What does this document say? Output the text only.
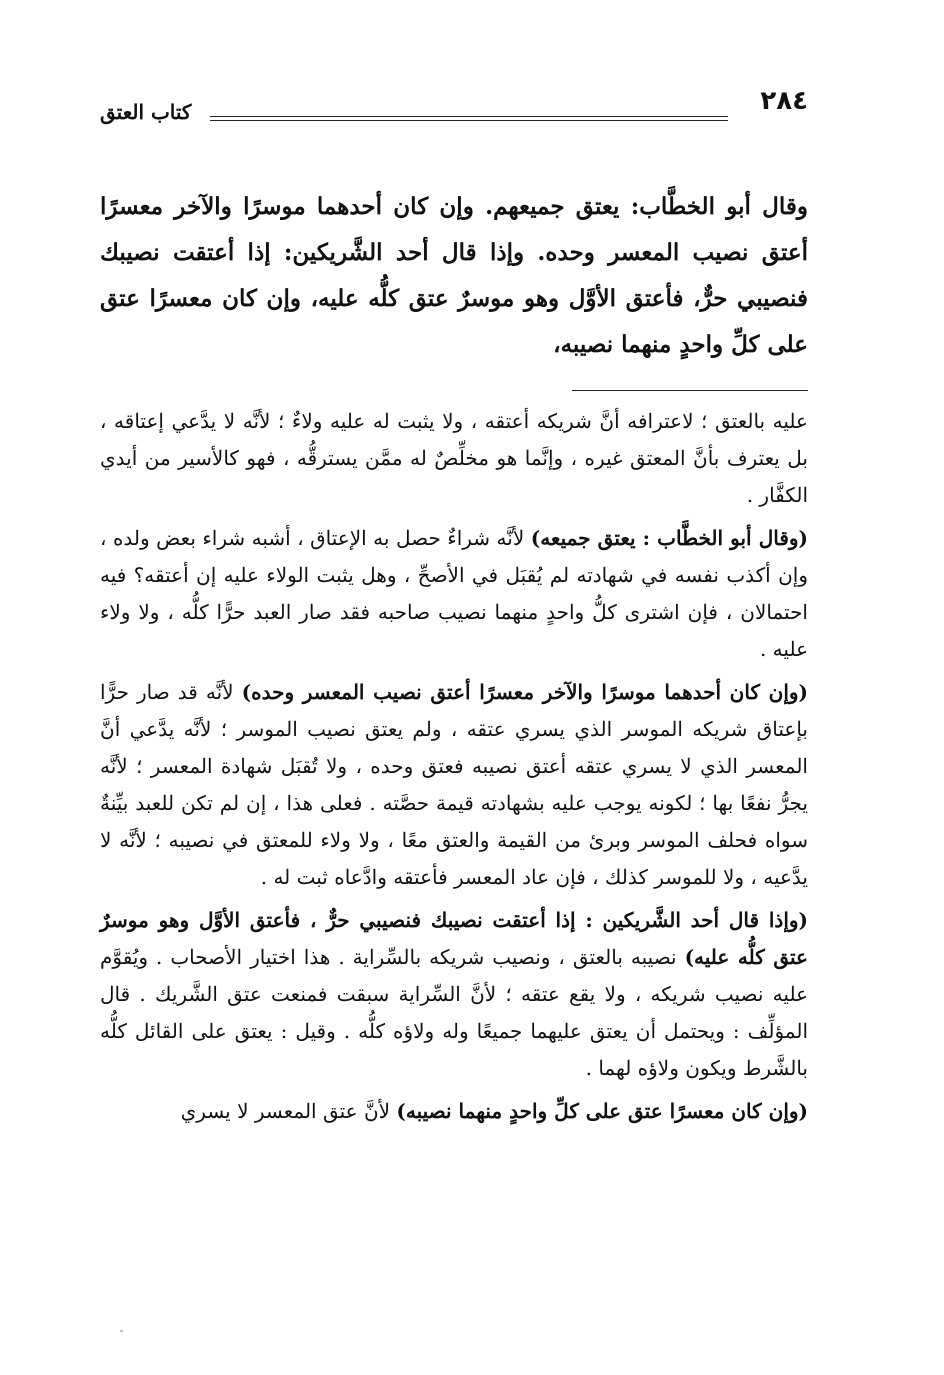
٢٨٤
كتاب العتق
وقال أبو الخطَّاب: يعتق جميعهم. وإن كان أحدهما موسرًا والآخر معسرًا أعتق نصيب المعسر وحده. وإذا قال أحد الشَّريكين: إذا أعتقت نصيبك فنصيبي حرٌّ، فأعتق الأوَّل وهو موسرٌ عتق كلُّه عليه، وإن كان معسرًا عتق على كلِّ واحدٍ منهما نصيبه،

عليه بالعتق ؛ لاعترافه أنَّ شريكه أعتقه ، ولا يثبت له عليه ولاءٌ ؛ لأنَّه لا يدَّعي إعتاقه ، بل يعترف بأنَّ المعتق غيره ، وإنَّما هو مخلِّصٌ له ممَّن يسترقُّه ، فهو كالأسير من أيدي الكفَّار .

(وقال أبو الخطَّاب : يعتق جميعه) لأنَّه شراءٌ حصل به الإعتاق ، أشبه شراء بعض ولده ، وإن أكذب نفسه في شهادته لم يُقبَل في الأصحِّ ، وهل يثبت الولاء عليه إن أعتقه؟ فيه احتمالان ، فإن اشترى كلُّ واحدٍ منهما نصيب صاحبه فقد صار العبد حرًّا كلُّه ، ولا ولاء عليه .

(وإن كان أحدهما موسرًا والآخر معسرًا أعتق نصيب المعسر وحده) لأنَّه قد صار حرًّا بإعتاق شريكه الموسر الذي يسري عتقه ، ولم يعتق نصيب الموسر ؛ لأنَّه يدَّعي أنَّ المعسر الذي لا يسري عتقه أعتق نصيبه فعتق وحده ، ولا تُقبَل شهادة المعسر ؛ لأنَّه يجرُّ نفعًا بها ؛ لكونه يوجب عليه بشهادته قيمة حصَّته . فعلى هذا ، إن لم تكن للعبد بيِّنةٌ سواه فحلف الموسر وبرئ من القيمة والعتق معًا ، ولا ولاء للمعتق في نصيبه ؛ لأنَّه لا يدَّعيه ، ولا للموسر كذلك ، فإن عاد المعسر فأعتقه وادَّعاه ثبت له .

(وإذا قال أحد الشَّريكين : إذا أعتقت نصيبك فنصيبي حرٌّ ، فأعتق الأوَّل وهو موسرٌ عتق كلُّه عليه) نصيبه بالعتق ، ونصيب شريكه بالسِّراية . هذا اختيار الأصحاب . ويُقوَّم عليه نصيب شريكه ، ولا يقع عتقه ؛ لأنَّ السِّراية سبقت فمنعت عتق الشَّريك . قال المؤلِّف : ويحتمل أن يعتق عليهما جميعًا وله ولاؤه كلُّه . وقيل : يعتق على القائل كلُّه بالشَّرط ويكون ولاؤه لهما .

(وإن كان معسرًا عتق على كلِّ واحدٍ منهما نصيبه) لأنَّ عتق المعسر لا يسري
